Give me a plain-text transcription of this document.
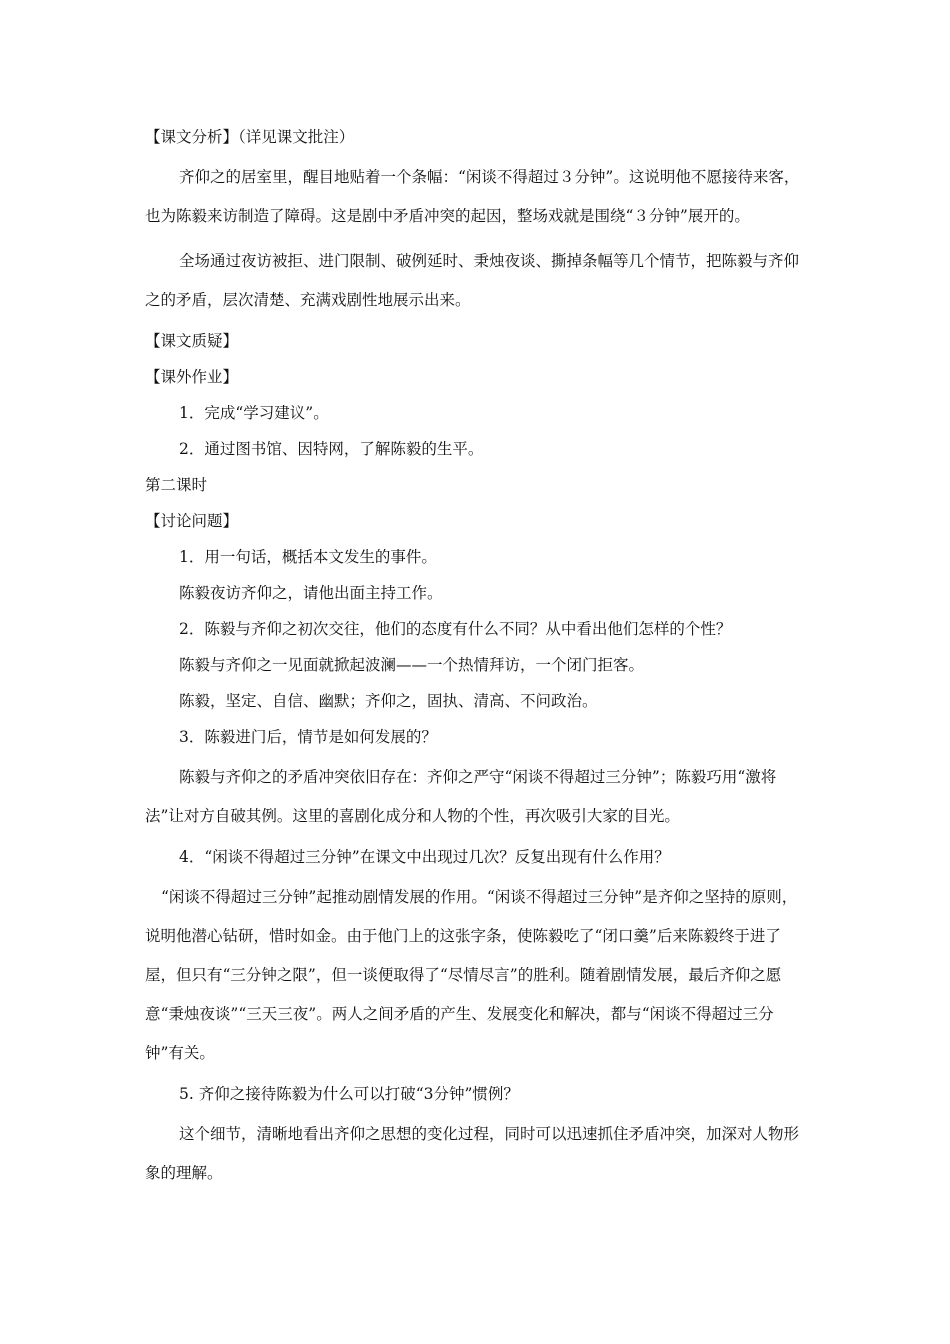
【课文分析】（详见课文批注）

齐仰之的居室里，醒目地贴着一个条幅：“闲谈不得超过３分钟”。这说明他不愿接待来客，也为陈毅来访制造了障碍。这是剧中矛盾冲突的起因，整场戏就是围绕“３分钟”展开的。

全场通过夜访被拒、进门限制、破例延时、秉烛夜谈、撕掉条幅等几个情节，把陈毅与齐仰之的矛盾，层次清楚、充满戏剧性地展示出来。

【课文质疑】

【课外作业】

1．完成“学习建议”。

2．通过图书馆、因特网，了解陈毅的生平。

第二课时

【讨论问题】

1．用一句话，概括本文发生的事件。

陈毅夜访齐仰之，请他出面主持工作。

2．陈毅与齐仰之初次交往，他们的态度有什么不同？从中看出他们怎样的个性？

陈毅与齐仰之一见面就掀起波澜——一个热情拜访，一个闭门拒客。

陈毅，坚定、自信、幽默；齐仰之，固执、清高、不问政治。

3．陈毅进门后，情节是如何发展的？

陈毅与齐仰之的矛盾冲突依旧存在：齐仰之严守“闲谈不得超过三分钟”；陈毅巧用“激将法”让对方自破其例。这里的喜剧化成分和人物的个性，再次吸引大家的目光。

4．“闲谈不得超过三分钟”在课文中出现过几次？反复出现有什么作用？

“闲谈不得超过三分钟”起推动剧情发展的作用。“闲谈不得超过三分钟”是齐仰之坚持的原则，说明他潜心钻研，惜时如金。由于他门上的这张字条，使陈毅吃了“闭口羹”后来陈毅终于进了屋，但只有“三分钟之限”，但一谈便取得了“尽情尽言”的胜利。随着剧情发展，最后齐仰之愿意“秉烛夜谈”“三天三夜”。两人之间矛盾的产生、发展变化和解决，都与“闲谈不得超过三分钟”有关。

5. 齐仰之接待陈毅为什么可以打破“3分钟”惯例？

这个细节，清晰地看出齐仰之思想的变化过程，同时可以迅速抓住矛盾冲突，加深对人物形象的理解。
